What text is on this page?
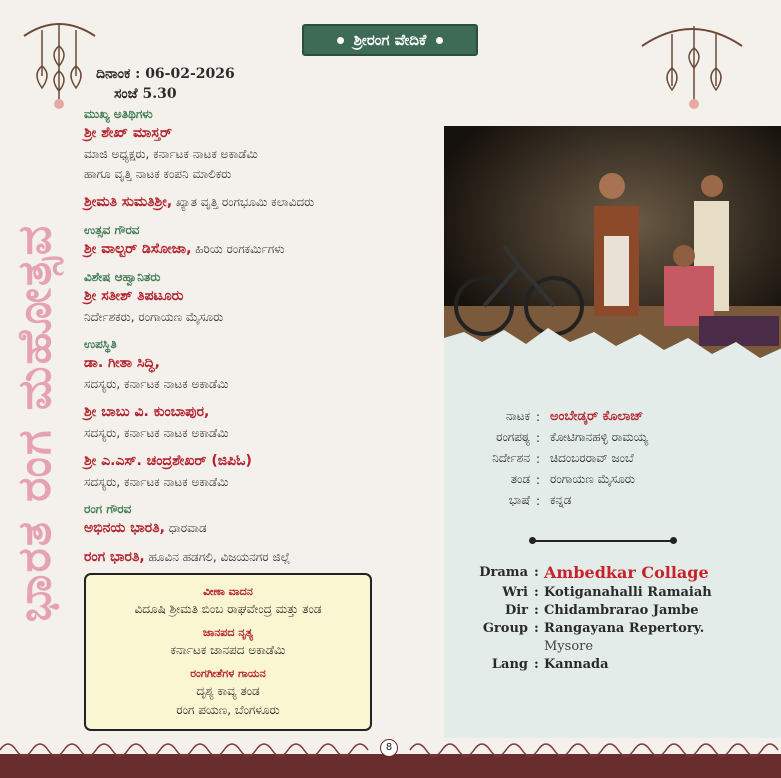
ಶ್ರೀರಂಗ ವೇದಿಕೆ
ದಿನಾಂಕ : 06-02-2026
ಸಂಜೆ 5.30
ಭಾರತ ರಂಗ ಮಹೋತ್ಸವ
ಮುಖ್ಯ ಅತಿಥಿಗಳು
ಶ್ರೀ ಶೇಖ್ ಮಾಸ್ತರ್
ಮಾಜಿ ಅಧ್ಯಕ್ಷರು, ಕರ್ನಾಟಕ ನಾಟಕ ಅಕಾಡೆಮಿ
ಹಾಗೂ ವೃತ್ತಿ ನಾಟಕ ಕಂಪನಿ ಮಾಲಿಕರು
ಶ್ರೀಮತಿ ಸುಮತಿಶ್ರೀ, ಖ್ಯಾತ ವೃತ್ತಿ ರಂಗಭೂಮಿ ಕಲಾವಿದರು
ಉತ್ಸವ ಗೌರವ
ಶ್ರೀ ವಾಲ್ಟರ್ ಡಿಸೋಜಾ, ಹಿರಿಯ ರಂಗಕರ್ಮಿಗಳು
ವಿಶೇಷ ಆಹ್ವಾನಿತರು
ಶ್ರೀ ಸತೀಶ್ ತಿಪಟೂರು
ನಿರ್ದೇಶಕರು, ರಂಗಾಯಣ ಮೈಸೂರು
ಉಪಸ್ಥಿತಿ
ಡಾ. ಗೀತಾ ಸಿದ್ಧಿ,
ಸದಸ್ಯರು, ಕರ್ನಾಟಕ ನಾಟಕ ಅಕಾಡೆಮಿ
ಶ್ರೀ ಬಾಬು ವಿ. ಕುಂಬಾಪುರ,
ಸದಸ್ಯರು, ಕರ್ನಾಟಕ ನಾಟಕ ಅಕಾಡೆಮಿ
ಶ್ರೀ ಎ.ಎಸ್. ಚಂದ್ರಶೇಖರ್ (ಜಿಪಿಓ)
ಸದಸ್ಯರು, ಕರ್ನಾಟಕ ನಾಟಕ ಅಕಾಡೆಮಿ
ರಂಗ ಗೌರವ
ಅಭಿನಯ ಭಾರತಿ, ಧಾರವಾಡ
ರಂಗ ಭಾರತಿ, ಹೂವಿನ ಹಡಗಲಿ, ವಿಜಯನಗರ ಜಿಲ್ಲೆ
ವೀಣಾ ವಾದನ
ವಿದೂಷಿ ಶ್ರೀಮತಿ ಬಿಂಬ ರಾಘವೇಂದ್ರ ಮತ್ತು ತಂಡ
ಜಾನಪದ ನೃತ್ಯ
ಕರ್ನಾಟಕ ಜಾನಪದ ಅಕಾಡೆಮಿ
ರಂಗಗೀತೆಗಳ ಗಾಯನ
ದೃಶ್ಯ ಕಾವ್ಯ ತಂಡ
ರಂಗ ಪಯಣ, ಬೆಂಗಳೂರು
ನಾಟಕ : ಅಂಬೇಡ್ಕರ್ ಕೊಲಾಜ್
ರಂಗಪಠ್ಯ : ಕೋಟಿಗಾನಹಳ್ಳಿ ರಾಮಯ್ಯ
ನಿರ್ದೇಶನ : ಚಿದಂಬರರಾವ್ ಜಂಬೆ
ತಂಡ : ರಂಗಾಯಣ ಮೈಸೂರು
ಭಾಷೆ : ಕನ್ನಡ
Drama : Ambedkar Collage
Wri : Kotiganahalli Ramaiah
Dir : Chidambrarao Jambe
Group : Rangayana Repertory.
Mysore
Lang : Kannada
8
